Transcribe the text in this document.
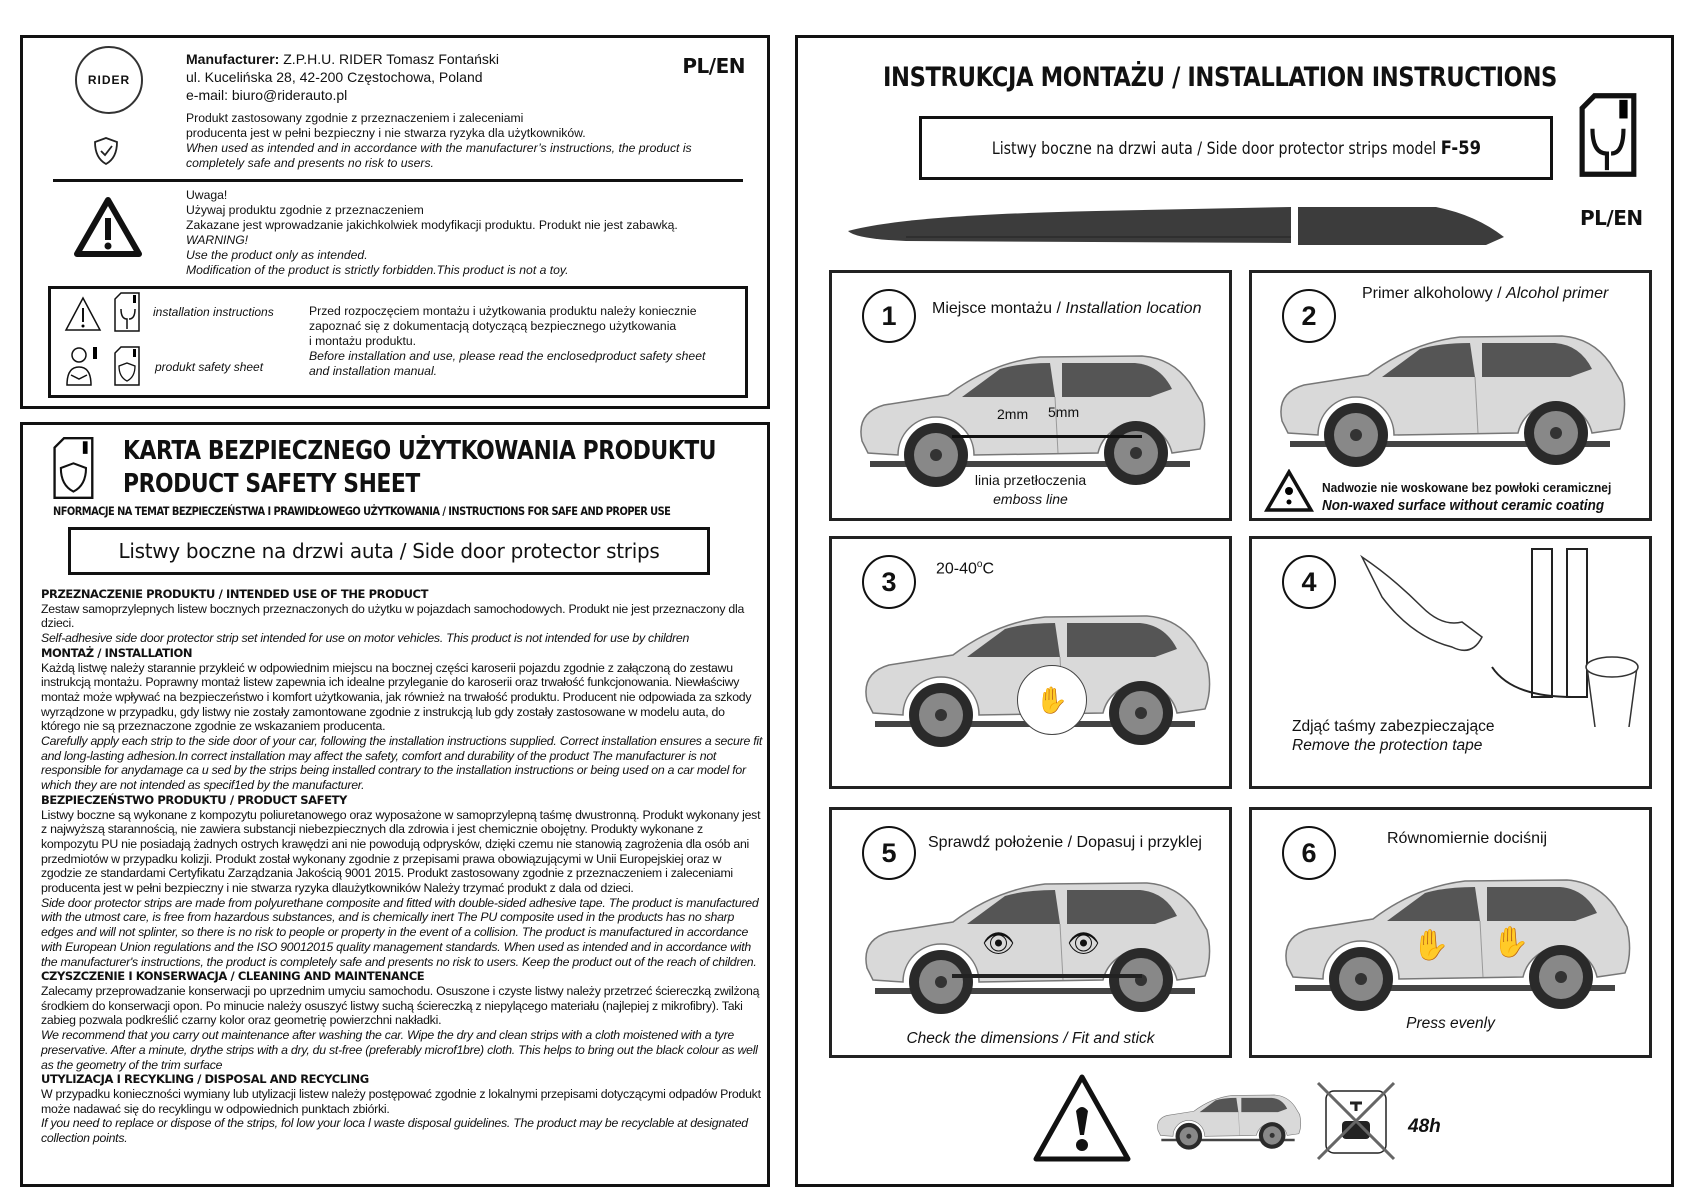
RIDER
Manufacturer: Z.P.H.U. RIDER Tomasz Fontański
ul. Kucelińska 28, 42-200 Częstochowa, Poland
e-mail: biuro@riderauto.pl
PL/EN
Produkt zastosowany zgodnie z przeznaczeniem i zaleceniami
producenta jest w pełni bezpieczny i nie stwarza ryzyka dla użytkowników.
When used as intended and in accordance with the manufacturer’s instructions, the product is
completely safe and presents no risk to users.
Uwaga!
Używaj produktu zgodnie z przeznaczeniem
Zakazane jest wprowadzanie jakichkolwiek modyfikacji produktu. Produkt nie jest zabawką.
WARNING!
Use the product only as intended.
Modification of the product is strictly forbidden.This product is not a toy.
installation instructions
produkt safety sheet
Przed rozpoczęciem montażu i użytkowania produktu należy koniecznie
zapoznać się z dokumentacją dotyczącą bezpiecznego użytkowania
i montażu produktu.
Before installation and use, please read the enclosedproduct safety sheet
and installation manual.
KARTA BEZPIECZNEGO UŻYTKOWANIA PRODUKTU
PRODUCT SAFETY SHEET
NFORMACJE NA TEMAT BEZPIECZEŃSTWA I PRAWIDŁOWEGO UŻYTKOWANIA / INSTRUCTIONS FOR SAFE AND PROPER USE
Listwy boczne na drzwi auta / Side door protector strips
PRZEZNACZENIE PRODUKTU / INTENDED USE OF THE PRODUCT
Zestaw samoprzylepnych listew bocznych przeznaczonych do użytku w pojazdach samochodowych. Produkt nie jest przeznaczony dla dzieci.
Self-adhesive side door protector strip set intended for use on motor vehicles. This product is not intended for use by children
MONTAŻ / INSTALLATION
Każdą listwę należy starannie przykleić w odpowiednim miejscu na bocznej części karoserii pojazdu zgodnie z załączoną do zestawu instrukcją montażu. Poprawny montaż listew zapewnia ich idealne przyleganie do karoserii oraz trwałość funkcjonowania. Niewłaściwy montaż może wpływać na bezpieczeństwo i komfort użytkowania, jak również na trwałość produktu. Producent nie odpowiada za szkody wyrządzone w przypadku, gdy listwy nie zostały zamontowane zgodnie z instrukcją lub gdy zostały zastosowane w modelu auta, do którego nie są przeznaczone zgodnie ze wskazaniem producenta.
Carefully apply each strip to the side door of your car, following the installation instructions supplied. Correct installation ensures a secure fit and long-lasting adhesion.In correct installation may affect the safety, comfort and durability of the product The manufacturer is not responsible for anydamage ca u sed by the strips being installed contrary to the installation instructions or being used on a car model for which they are not intended as specif1ed by the manufacturer.
BEZPIECZEŃSTWO PRODUKTU / PRODUCT SAFETY
Listwy boczne są wykonane z kompozytu poliuretanowego oraz wyposażone w samoprzylepną taśmę dwustronną. Produkt wykonany jest z najwyższą starannością, nie zawiera substancji niebezpiecznych dla zdrowia i jest chemicznie obojętny. Produkty wykonane z kompozytu PU nie posiadają żadnych ostrych krawędzi ani nie powodują odprysków, dzięki czemu nie stanowią zagrożenia dla osób ani przedmiotów w przypadku kolizji. Produkt został wykonany zgodnie z przepisami prawa obowiązującymi w Unii Europejskiej oraz w zgodzie ze standardami Certyfikatu Zarządzania Jakością 9001 2015. Produkt zastosowany zgodnie z przeznaczeniem i zaleceniami producenta jest w pełni bezpieczny i nie stwarza ryzyka dlaużytkowników Należy trzymać produkt z dala od dzieci.
Side door protector strips are made from polyurethane composite and fitted with double-sided adhesive tape. The product is manufactured with the utmost care, is free from hazardous substances, and is chemically inert The PU composite used in the products has no sharp edges and will not splinter, so there is no risk to people or property in the event of a collision. The product is manufactured in accordance with European Union regulations and the ISO 90012015 quality management standards. When used as intended and in accordance with the manufacturer's instructions, the product is completely safe and presents no risk to users. Keep the product out of the reach of children.
CZYSZCZENIE I KONSERWACJA / CLEANING AND MAINTENANCE
Zalecamy przeprowadzanie konserwacji po uprzednim umyciu samochodu. Osuszone i czyste listwy należy przetrzeć ściereczką zwilżoną środkiem do konserwacji opon. Po minucie należy osuszyć listwy suchą ściereczką z niepylącego materiału (najlepiej z mikrofibry). Taki zabieg pozwala podkreślić czarny kolor oraz geometrię powierzchni nakładki.
We recommend that you carry out maintenance after washing the car. Wipe the dry and clean strips with a cloth moistened with a tyre preservative. After a minute, drythe strips with a dry, du st-free (preferably microf1bre) cloth. This helps to bring out the black colour as well as the geometry of the trim surface
UTYLIZACJA I RECYKLING / DISPOSAL AND RECYCLING
W przypadku konieczności wymiany lub utylizacji listew należy postępować zgodnie z lokalnymi przepisami dotyczącymi odpadów Produkt może nadawać się do recyklingu w odpowiednich punktach zbiórki.
If you need to replace or dispose of the strips, fol low your loca l waste disposal guidelines. The product may be recyclable at designated collection points.
INSTRUKCJA MONTAŻU / INSTALLATION INSTRUCTIONS
Listwy boczne na drzwi auta / Side door protector strips model F-59
PL/EN
1	Miejsce montażu / Installation location
2mm 5mm
linia przetłoczenia
emboss line
2
Primer alkoholowy / Alcohol primer
Nadwozie nie woskowane bez powłoki ceramicznej
Non-waxed surface without ceramic coating
3	20-40$^o$C
✋
4
Zdjąć taśmy zabezpieczające
Remove the protection tape
5	Sprawdź położenie / Dopasuj i przyklej
👁 👁
Check the dimensions / Fit and stick
6	Równomiernie dociśnij
✋ ✋
Press evenly
48h
